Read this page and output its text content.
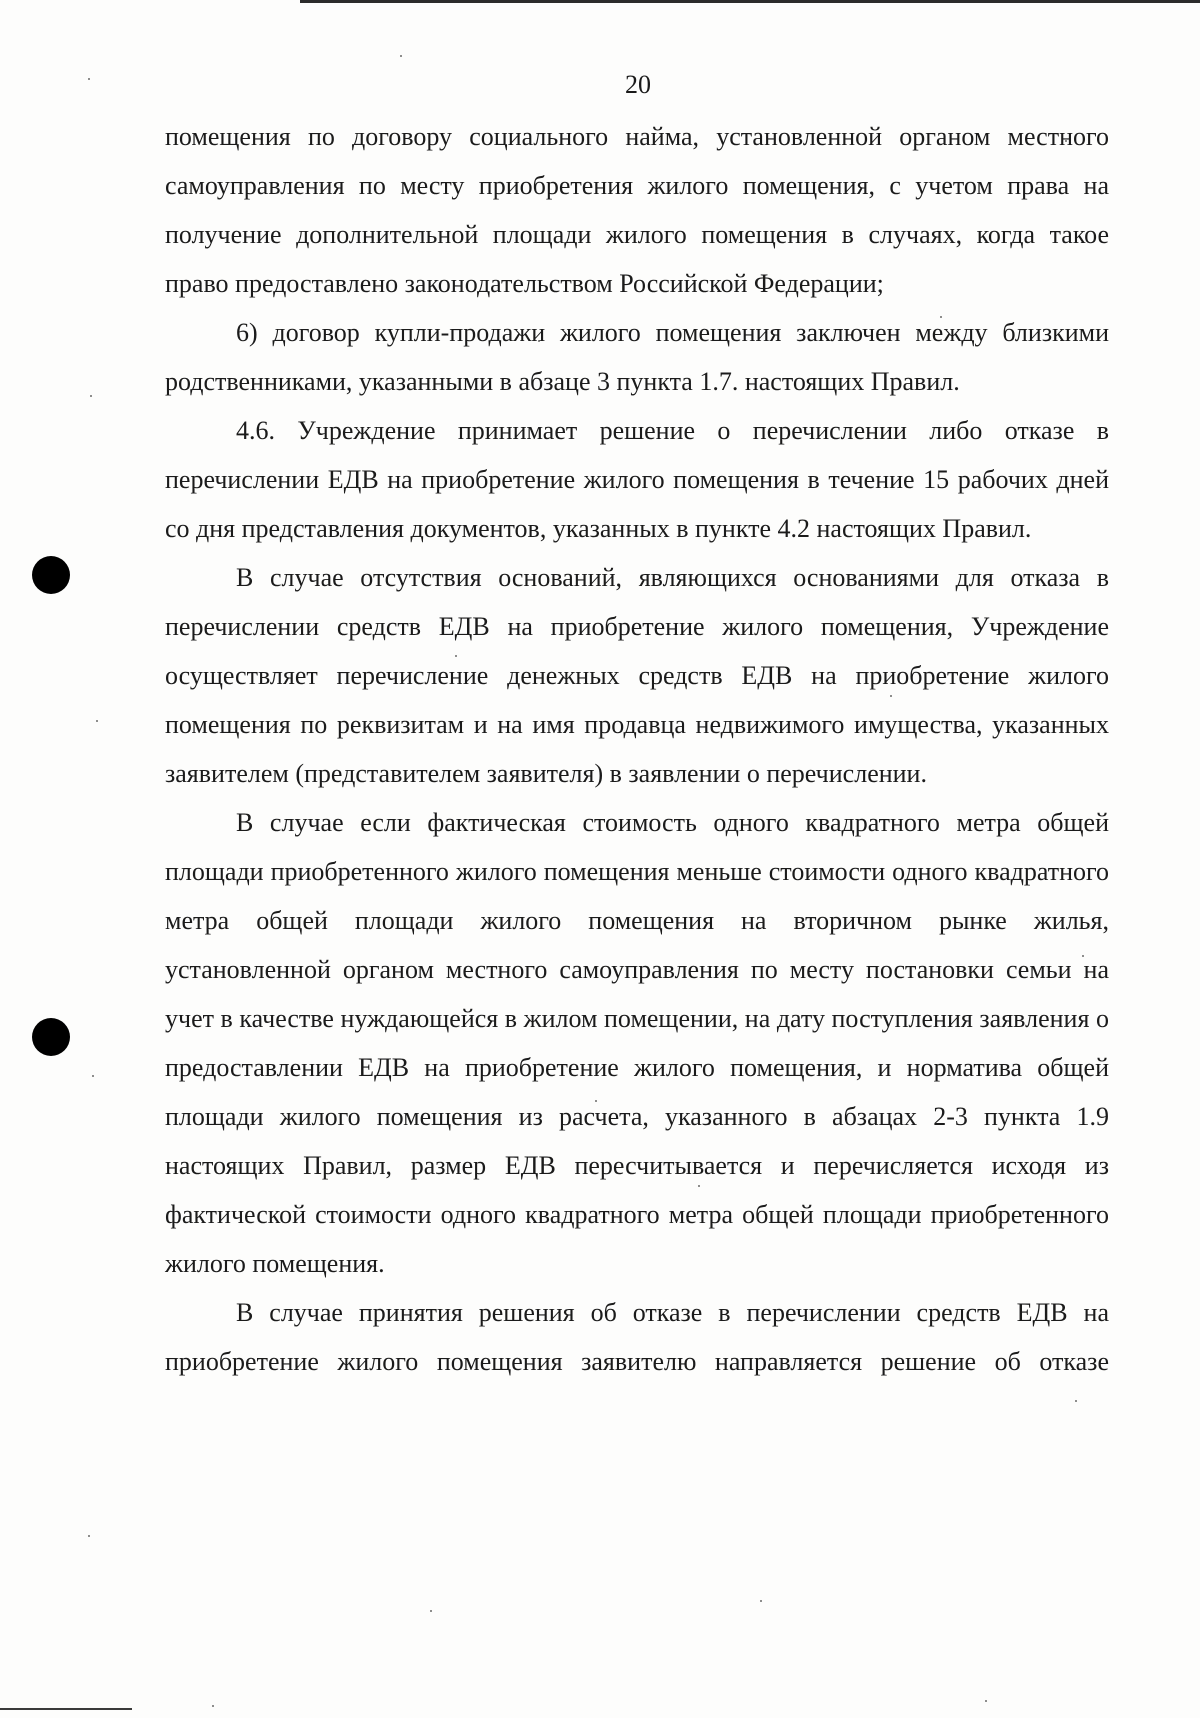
20

помещения по договору социального найма, установленной органом местного самоуправления по месту приобретения жилого помещения, с учетом права на получение дополнительной площади жилого помещения в случаях, когда такое право предоставлено законодательством Российской Федерации;

6) договор купли-продажи жилого помещения заключен между близкими родственниками, указанными в абзаце 3 пункта 1.7. настоящих Правил.

4.6. Учреждение принимает решение о перечислении либо отказе в перечислении ЕДВ на приобретение жилого помещения в течение 15 рабочих дней со дня представления документов, указанных в пункте 4.2 настоящих Правил.

В случае отсутствия оснований, являющихся основаниями для отказа в перечислении средств ЕДВ на приобретение жилого помещения, Учреждение осуществляет перечисление денежных средств ЕДВ на приобретение жилого помещения по реквизитам и на имя продавца недвижимого имущества, указанных заявителем (представителем заявителя) в заявлении о перечислении.

В случае если фактическая стоимость одного квадратного метра общей площади приобретенного жилого помещения меньше стоимости одного квадратного метра общей площади жилого помещения на вторичном рынке жилья, установленной органом местного самоуправления по месту постановки семьи на учет в качестве нуждающейся в жилом помещении, на дату поступления заявления о предоставлении ЕДВ на приобретение жилого помещения, и норматива общей площади жилого помещения из расчета, указанного в абзацах 2-3 пункта 1.9 настоящих Правил, размер ЕДВ пересчитывается и перечисляется исходя из фактической стоимости одного квадратного метра общей площади приобретенного жилого помещения.

В случае принятия решения об отказе в перечислении средств ЕДВ на приобретение жилого помещения заявителю направляется решение об отказе
